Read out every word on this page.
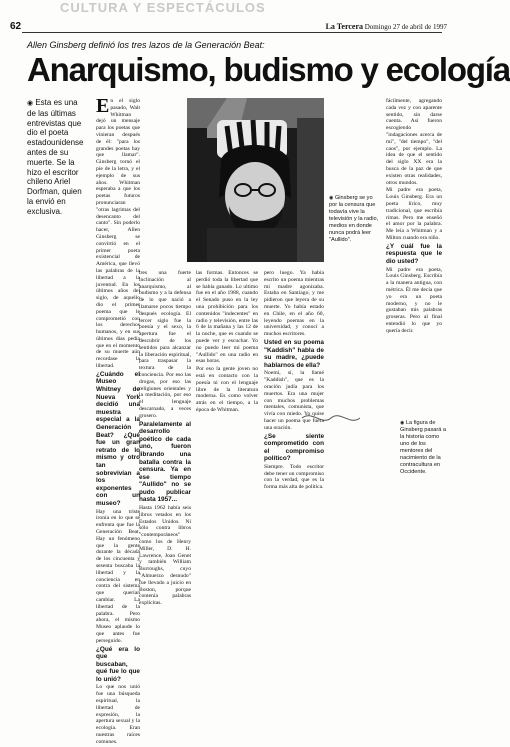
62
CULTURA Y ESPECTÁCULOS
La Tercera Domingo 27 de abril de 1997
Allen Ginsberg definió los tres lazos de la Generación Beat:
Anarquismo, budismo y ecología
◉ Esta es una de las últimas entrevistas que dio el poeta estadounidense antes de su muerte. Se la hizo el escritor chileno Ariel Dorfman, quien la envió en exclusiva.

En el siglo pasado, Walt Whitman dejó un mensaje para los poetas que vinieran después de él: "para los grandes poetas hay que llamar". Ginsberg tornó el pie de la letra, y el ejemplo de sus años. Whitman esperaba a que los poetas futuros pronunciaran "otras lagrimas del desencanto del canto". Sin poderlo hacer, Allen Ginsberg se convirtió en el primer poeta existencial de América, que llevó las palabras de la libertad a la juventud. En los últimos años del siglo, de aquello dio el primer poema que le comprometió con los derechos humanos, y en sus últimos días pedía que en el momento de su muerte aún recordase la libertad.

¿Cuándo el Museo Whitney de Nueva York decidió una muestra especial a la Generación Beat? ¿Qué fue un gran retrato de lo mismo y otro tan sobrevivían a los exponentes con un museo?

Hay una triste ironía en lo que se enfrenta que fue la Generación Beat. Hay un fenómeno que la gente durante la década de los cincuenta y sesenta buscaba la libertad y la conciencia en contra del sistema que querían cambiar. La libertad de la palabra. Pero ahora, el mismo Museo aplaude lo que antes fue perseguido.

¿Qué era lo que buscaban, qué fue lo que lo unió?

Lo que nos unió fue una búsqueda espiritual, la libertad de expresión, la apertura sexual y la ecología. Eran nuestras raíces comunes.

◉ Ginsberg se yo por la censura que todavía vive la televisión y la radio, medios en donde nunca podrá leer "Aullido".

tres una fuerte inclinación al anarquismo, al budismo y a la defensa de lo que nació a llamarse pocos tiempo después ecología. El tercer siglo fue la poesía y el sexo, la apertura fue el descubrir de los sentidos para alcanzar la liberación espiritual, para traspasar la textura de la conciencia. Por eso las drogas, por eso las religiones orientales y la meditación, por eso el lenguaje descarnado, a veces grosero.

Paralelamente al desarrollo poético de cada uno, fueron librando una batalla contra la censura. Ya en ese tiempo "Aullido" no se pudo publicar hasta 1957...

Hasta 1962 había seis libros vetados en los Estados Unidos. Ni sólo contra libros "contemporáneos" como los de Henry Miller, D. H. Lawrence, Joan Genet y también William Burroughs, cuyo "Almuerzo desnudo" fue llevado a juicio en Boston, porque contenía palabras explícitas.

las formas. Entonces se perdió toda la libertad que se había ganado. Lo ultimo fue en el año 1988, cuando el Senado puso en la ley una prohibición para los contenidos "indecentes" en radio y televisión, entre las 6 de la mañana y las 12 de la noche, que es cuando se puede ver y escuchar. Yo no puedo leer mi poema "Aullido" en una radio en esas horas.

Por eso la gente joven no está en contacto con la poesía ni con el lenguaje libre de la literatura moderna. Es como volver atrás en el tiempo, a la época de Whitman.

pero luego. Ya había escrito un poema mientras mi madre agonizaba. Estaba en Santiago, y me pidieron que leyera de su muerte. Yo había estado en Chile, en el año 60, leyendo poemas en la universidad, y conocí a muchos escritores.

Usted en su poema "Kaddish" habla de su madre, ¿puede hablarnos de ella?

Noemí, sí, la llamé "Kaddish", que es la oración judía para los muertos. Era una mujer con muchos problemas mentales, comunista, que vivía con miedo. Yo quise hacer un poema que fuera una oración.

¿Se siente comprometido con el compromiso político?

Siempre. Todo escritor debe tener un compromiso con la verdad, que es la forma más alta de política.

fácilmente, agregando cada vez y con aparente sentido, sin darse cuenta. Así fueron escogiendo "indagaciones acerca de mí", "del tiempo", "del caos", por ejemplo. La idea de que el sentido del siglo XX era la busca de la paz de que existen otras realidades, otros mundos.

Mi padre era poeta, Louis Ginsberg. Era un poeta lírico, muy tradicional, que escribía rimas. Pero me enseñó el amor por la palabra. Me leía a Whitman y a Milton cuando era niño.

¿Y cuál fue la respuesta que le dio usted?

Mi padre era poeta, Louis Ginsberg. Escribía a la manera antigua, con métrica. Él me decía que yo era un poeta moderno, y no le gustaban mis palabras groseras. Pero al final entendió lo que yo quería decir.

◉ La figura de Ginsberg pasará a la historia como uno de los mentores del nacimiento de la contracultura en Occidente.
